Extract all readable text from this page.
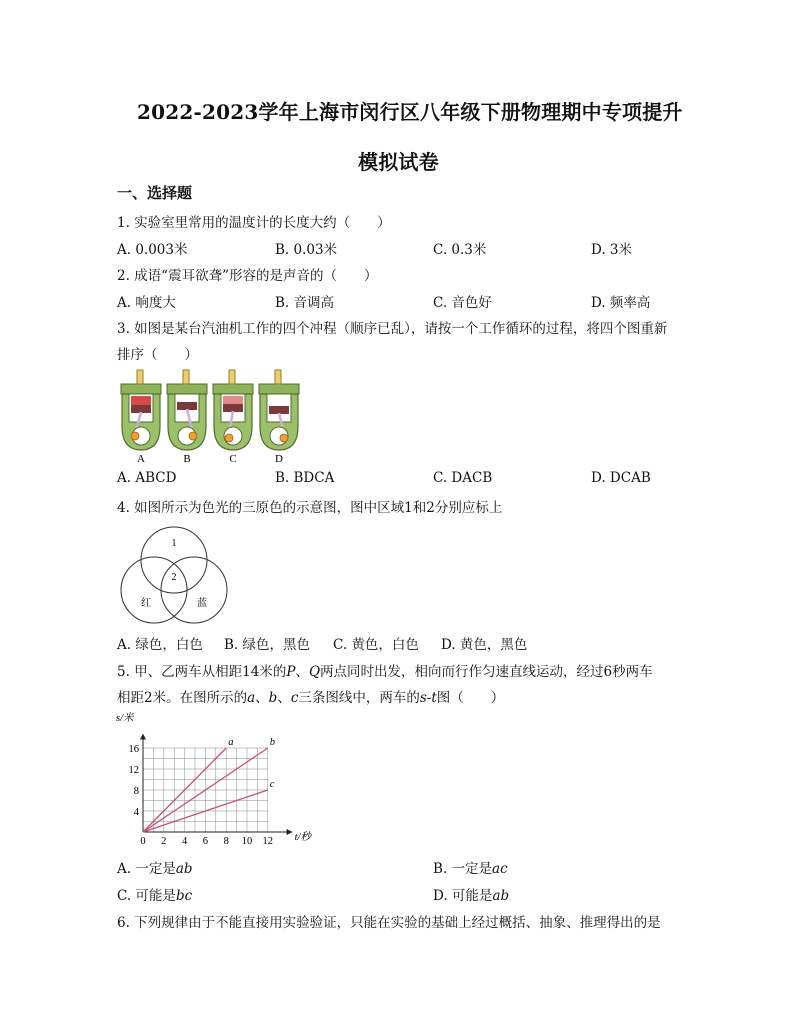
2022-2023学年上海市闵行区八年级下册物理期中专项提升
模拟试卷
一、选择题
1. 实验室里常用的温度计的长度大约（　　）
A. 0.003米	B. 0.03米	C. 0.3米	D. 3米
2. 成语“震耳欲聋”形容的是声音的（　　）
A. 响度大	B. 音调高	C. 音色好	D. 频率高
3. 如图是某台汽油机工作的四个冲程（顺序已乱），请按一个工作循环的过程，将四个图重新
排序（　　）
A	B	C	D
A. ABCD	B. BDCA	C. DACB	D. DCAB
4. 如图所示为色光的三原色的示意图，图中区域1和2分别应标上
1
2
红	蓝
A. 绿色，白色 B. 绿色，黑色 C. 黄色，白色 D. 黄色，黑色
5. 甲、乙两车从相距14米的P、Q两点同时出发，相向而行作匀速直线运动，经过6秒两车
相距2米。在图所示的a、b、c三条图线中，两车的s-t图（　　）
0 2 4 6 8 10 12
4
8
12
16
s/米
t/秒
a	b
c
A. 一定是ab	B. 一定是ac
C. 可能是bc	D. 可能是ab
6. 下列规律由于不能直接用实验验证，只能在实验的基础上经过概括、抽象、推理得出的是
